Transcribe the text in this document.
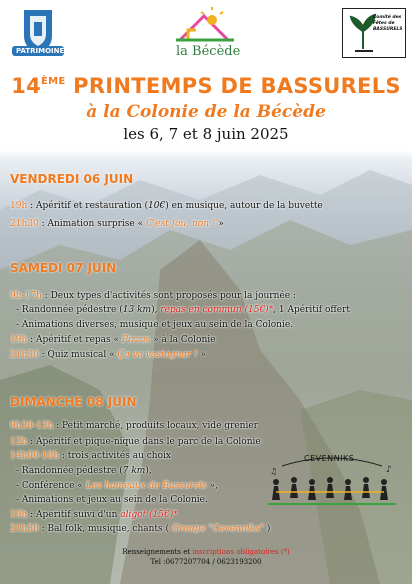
PATRIMOINE	la Bécède
Comité des Fêtes de BASSURELS
14ÈME PRINTEMPS DE BASSURELS
à la Colonie de la Bécède
les 6, 7 et 8 juin 2025
VENDREDI 06 JUIN
19h : Apéritif et restauration (10€) en musique, autour de la buvette
21h30 : Animation surprise « C'est fou, non ! »
SAMEDI 07 JUIN
9h-17h : Deux types d'activités sont proposés pour la journée :
- Randonnée pédestre (13 km), repas en commun (15€)*, 1 Apéritif offert
- Animations diverses, musique et jeux au sein de la Colonie.
19h : Apéritif et repas « Pizzas » à la Colonie
21h30 : Quiz musical « Ça va vastagnar ! »
DIMANCHE 08 JUIN
9h30-13h : Petit marché, produits locaux, vide grenier
12h : Apéritif et pique-nique dans le parc de la Colonie
14h00-18h : trois activités au choix
- Randonnée pédestre (7 km),
- Conférence « Les hameaux de Bassurels »,
- Animations et jeux au sein de la Colonie.
19h : Apéritif suivi d'un aligot (15€)*
21h30 : Bal folk, musique, chants ( Groupe "Cevenniks" )
♪
♫
CEVENNIKS
Renseignements et inscriptions obligatoires (*)
Tel :0677207704 / 0623193200
